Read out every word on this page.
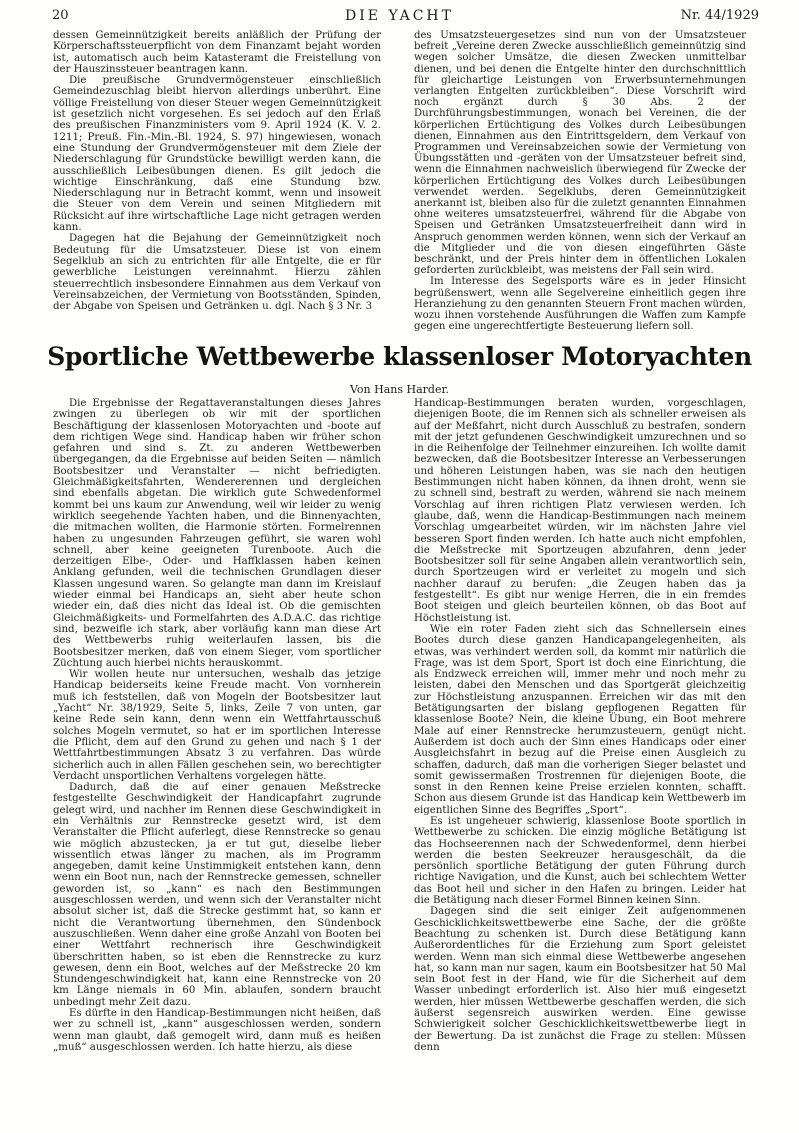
20	DIE YACHT	Nr. 44/1929

dessen Gemeinnützigkeit bereits anläßlich der Prüfung der Körperschaftssteuerpflicht von dem Finanzamt bejaht worden ist, automatisch auch beim Katasteramt die Freistellung von der Hauszinssteuer beantragen kann.

Die preußische Grundvermögensteuer einschließlich Gemeindezuschlag bleibt hiervon allerdings unberührt. Eine völlige Freistellung von dieser Steuer wegen Gemeinnützigkeit ist gesetzlich nicht vorgesehen. Es sei jedoch auf den Erlaß des preußischen Finanzministers vom 9. April 1924 (K. V. 2. 1211; Preuß. Fin.-Min.-Bl. 1924, S. 97) hingewiesen, wonach eine Stundung der Grundvermögensteuer mit dem Ziele der Niederschlagung für Grundstücke bewilligt werden kann, die ausschließlich Leibesübungen dienen. Es gilt jedoch die wichtige Einschränkung, daß eine Stundung bzw. Niederschlagung nur in Betracht kommt, wenn und insoweit die Steuer von dem Verein und seinen Mitgliedern mit Rücksicht auf ihre wirtschaftliche Lage nicht getragen werden kann.

Dagegen hat die Bejahung der Gemeinnützigkeit noch Bedeutung für die Umsatzsteuer. Diese ist von einem Segelklub an sich zu entrichten für alle Entgelte, die er für gewerbliche Leistungen vereinnahmt. Hierzu zählen steuerrechtlich insbesondere Einnahmen aus dem Verkauf von Vereinsabzeichen, der Vermietung von Bootsständen, Spinden, der Abgabe von Speisen und Getränken u. dgl. Nach § 3 Nr. 3

des Umsatzsteuergesetzes sind nun von der Umsatzsteuer befreit „Vereine deren Zwecke ausschließlich gemeinnützig sind wegen solcher Umsätze, die diesen Zwecken unmittelbar dienen, und bei denen die Entgelte hinter den durchschnittlich für gleichartige Leistungen von Erwerbsunternehmungen verlangten Entgelten zurückbleiben“. Diese Vorschrift wird noch ergänzt durch § 30 Abs. 2 der Durchführungsbestimmungen, wonach bei Vereinen, die der körperlichen Ertüchtigung des Volkes durch Leibesübungen dienen, Einnahmen aus den Eintrittsgeldern, dem Verkauf von Programmen und Vereinsabzeichen sowie der Vermietung von Übungsstätten und -geräten von der Umsatzsteuer befreit sind, wenn die Einnahmen nachweislich überwiegend für Zwecke der körperlichen Ertüchtigung des Volkes durch Leibesübungen verwendet werden. Segelklubs, deren Gemeinnützigkeit anerkannt ist, bleiben also für die zuletzt genannten Einnahmen ohne weiteres umsatzsteuerfrei, während für die Abgabe von Speisen und Getränken Umsatzsteuerfreiheit dann wird in Anspruch genommen werden können, wenn sich der Verkauf an die Mitglieder und die von diesen eingeführten Gäste beschränkt, und der Preis hinter dem in öffentlichen Lokalen geforderten zurückbleibt, was meistens der Fall sein wird.

Im Interesse des Segelsports wäre es in jeder Hinsicht begrüßenswert, wenn alle Segelvereine einheitlich gegen ihre Heranziehung zu den genannten Steuern Front machen würden, wozu ihnen vorstehende Ausführungen die Waffen zum Kampfe gegen eine ungerechtfertigte Besteuerung liefern soll.

Sportliche Wettbewerbe klassenloser Motoryachten
Von Hans Harder.

Die Ergebnisse der Regattaveranstaltungen dieses Jahres zwingen zu überlegen ob wir mit der sportlichen Beschäftigung der klassenlosen Motoryachten und -boote auf dem richtigen Wege sind. Handicap haben wir früher schon gefahren und sind s. Zt. zu anderen Wettbewerben übergegangen, da die Ergebnisse auf beiden Seiten — nämlich Bootsbesitzer und Veranstalter — nicht befriedigten. Gleichmäßigkeitsfahrten, Wendererennen und dergleichen sind ebenfalls abgetan. Die wirklich gute Schwedenformel kommt bei uns kaum zur Anwendung, weil wir leider zu wenig wirklich seegehende Yachten haben, und die Binnenyachten, die mitmachen wollten, die Harmonie störten. Formelrennen haben zu ungesunden Fahrzeugen geführt, sie waren wohl schnell, aber keine geeigneten Turenboote. Auch die derzeitigen Elbe-, Oder- und Haffklassen haben keinen Anklang gefunden, weil die technischen Grundlagen dieser Klassen ungesund waren. So gelangte man dann im Kreislauf wieder einmal bei Handicaps an, sieht aber heute schon wieder ein, daß dies nicht das Ideal ist. Ob die gemischten Gleichmäßigkeits- und Formelfahrten des A.D.A.C. das richtige sind, bezweifle ich stark, aber vorläufig kann man diese Art des Wettbewerbs ruhig weiterlaufen lassen, bis die Bootsbesitzer merken, daß von einem Sieger, vom sportlicher Züchtung auch hierbei nichts herauskommt.

Wir wollen heute nur untersuchen, weshalb das jetzige Handicap beiderseits keine Freude macht. Von vornherein muß ich feststellen, daß von Mogeln der Bootsbesitzer laut „Yacht“ Nr. 38/1929, Seite 5, links, Zeile 7 von unten, gar keine Rede sein kann, denn wenn ein Wettfahrtausschuß solches Mogeln vermutet, so hat er im sportlichen Interesse die Pflicht, dem auf den Grund zu gehen und nach § 1 der Wettfahrtbestimmungen Absatz 3 zu verfahren. Das würde sicherlich auch in allen Fällen geschehen sein, wo berechtigter Verdacht unsportlichen Verhaltens vorgelegen hätte.

Dadurch, daß die auf einer genauen Meßstrecke festgestellte Geschwindigkeit der Handicapfahrt zugrunde gelegt wird, und nachher im Rennen diese Geschwindigkeit in ein Verhältnis zur Rennstrecke gesetzt wird, ist dem Veranstalter die Pflicht auferlegt, diese Rennstrecke so genau wie möglich abzustecken, ja er tut gut, dieselbe lieber wissentlich etwas länger zu machen, als im Programm angegeben, damit keine Unstimmigkeit entstehen kann, denn wenn ein Boot nun, nach der Rennstrecke gemessen, schneller geworden ist, so „kann“ es nach den Bestimmungen ausgeschlossen werden, und wenn sich der Veranstalter nicht absolut sicher ist, daß die Strecke gestimmt hat, so kann er nicht die Verantwortung übernehmen, den Sündenbock auszuschließen. Wenn daher eine große Anzahl von Booten bei einer Wettfahrt rechnerisch ihre Geschwindigkeit überschritten haben, so ist eben die Rennstrecke zu kurz gewesen, denn ein Boot, welches auf der Meßstrecke 20 km Stundengeschwindigkeit hat, kann eine Rennstrecke von 20 km Länge niemals in 60 Min. ablaufen, sondern braucht unbedingt mehr Zeit dazu.

Es dürfte in den Handicap-Bestimmungen nicht heißen, daß wer zu schnell ist, „kann“ ausgeschlossen werden, sondern wenn man glaubt, daß gemogelt wird, dann muß es heißen „muß“ ausgeschlossen werden. Ich hatte hierzu, als diese

Handicap-Bestimmungen beraten wurden, vorgeschlagen, diejenigen Boote, die im Rennen sich als schneller erweisen als auf der Meßfahrt, nicht durch Ausschluß zu bestrafen, sondern mit der jetzt gefundenen Geschwindigkeit umzurechnen und so in die Reihenfolge der Teilnehmer einzureihen. Ich wollte damit bezwecken, daß die Bootsbesitzer Interesse an Verbesserungen und höheren Leistungen haben, was sie nach den heutigen Bestimmungen nicht haben können, da ihnen droht, wenn sie zu schnell sind, bestraft zu werden, während sie nach meinem Vorschlag auf ihren richtigen Platz verwiesen werden. Ich glaube, daß, wenn die Handicap-Bestimmungen nach meinem Vorschlag umgearbeitet würden, wir im nächsten Jahre viel besseren Sport finden werden. Ich hatte auch nicht empfohlen, die Meßstrecke mit Sportzeugen abzufahren, denn jeder Bootsbesitzer soll für seine Angaben allein verantwortlich sein, durch Sportzeugen wird er verleitet zu mogeln und sich nachher darauf zu berufen: „die Zeugen haben das ja festgestellt“. Es gibt nur wenige Herren, die in ein fremdes Boot steigen und gleich beurteilen können, ob das Boot auf Höchstleistung ist.

Wie ein roter Faden zieht sich das Schnellersein eines Bootes durch diese ganzen Handicapangelegenheiten, als etwas, was verhindert werden soll, da kommt mir natürlich die Frage, was ist dem Sport, Sport ist doch eine Einrichtung, die als Endzweck erreichen will, immer mehr und noch mehr zu leisten, dabei den Menschen und das Sportgerät gleichzeitig zur Höchstleistung anzuspannen. Erreichen wir das mit den Betätigungsarten der bislang gepflogenen Regatten für klassenlose Boote? Nein, die kleine Übung, ein Boot mehrere Male auf einer Rennstrecke herumzusteuern, genügt nicht. Außerdem ist doch auch der Sinn eines Handicaps oder einer Ausgleichsfahrt in bezug auf die Preise einen Ausgleich zu schaffen, dadurch, daß man die vorherigen Sieger belastet und somit gewissermaßen Trostrennen für diejenigen Boote, die sonst in den Rennen keine Preise erzielen konnten, schafft. Schon aus diesem Grunde ist das Handicap kein Wettbewerb im eigentlichen Sinne des Begriffes „Sport“.

Es ist ungeheuer schwierig, klassenlose Boote sportlich in Wettbewerbe zu schicken. Die einzig mögliche Betätigung ist das Hochseerennen nach der Schwedenformel, denn hierbei werden die besten Seekreuzer herausgeschält, da die persönlich sportliche Betätigung der guten Führung durch richtige Navigation, und die Kunst, auch bei schlechtem Wetter das Boot heil und sicher in den Hafen zu bringen. Leider hat die Betätigung nach dieser Formel Binnen keinen Sinn.

Dagegen sind die seit einiger Zeit aufgenommenen Geschicklichkeitswettbewerbe eine Sache, der die größte Beachtung zu schenken ist. Durch diese Betätigung kann Außerordentliches für die Erziehung zum Sport geleistet werden. Wenn man sich einmal diese Wettbewerbe angesehen hat, so kann man nur sagen, kaum ein Bootsbesitzer hat 50 Mal sein Boot fest in der Hand, wie für die Sicherheit auf dem Wasser unbedingt erforderlich ist. Also hier muß eingesetzt werden, hier müssen Wettbewerbe geschaffen werden, die sich äußerst segensreich auswirken werden. Eine gewisse Schwierigkeit solcher Geschicklichkeitswettbewerbe liegt in der Bewertung. Da ist zunächst die Frage zu stellen: Müssen denn
